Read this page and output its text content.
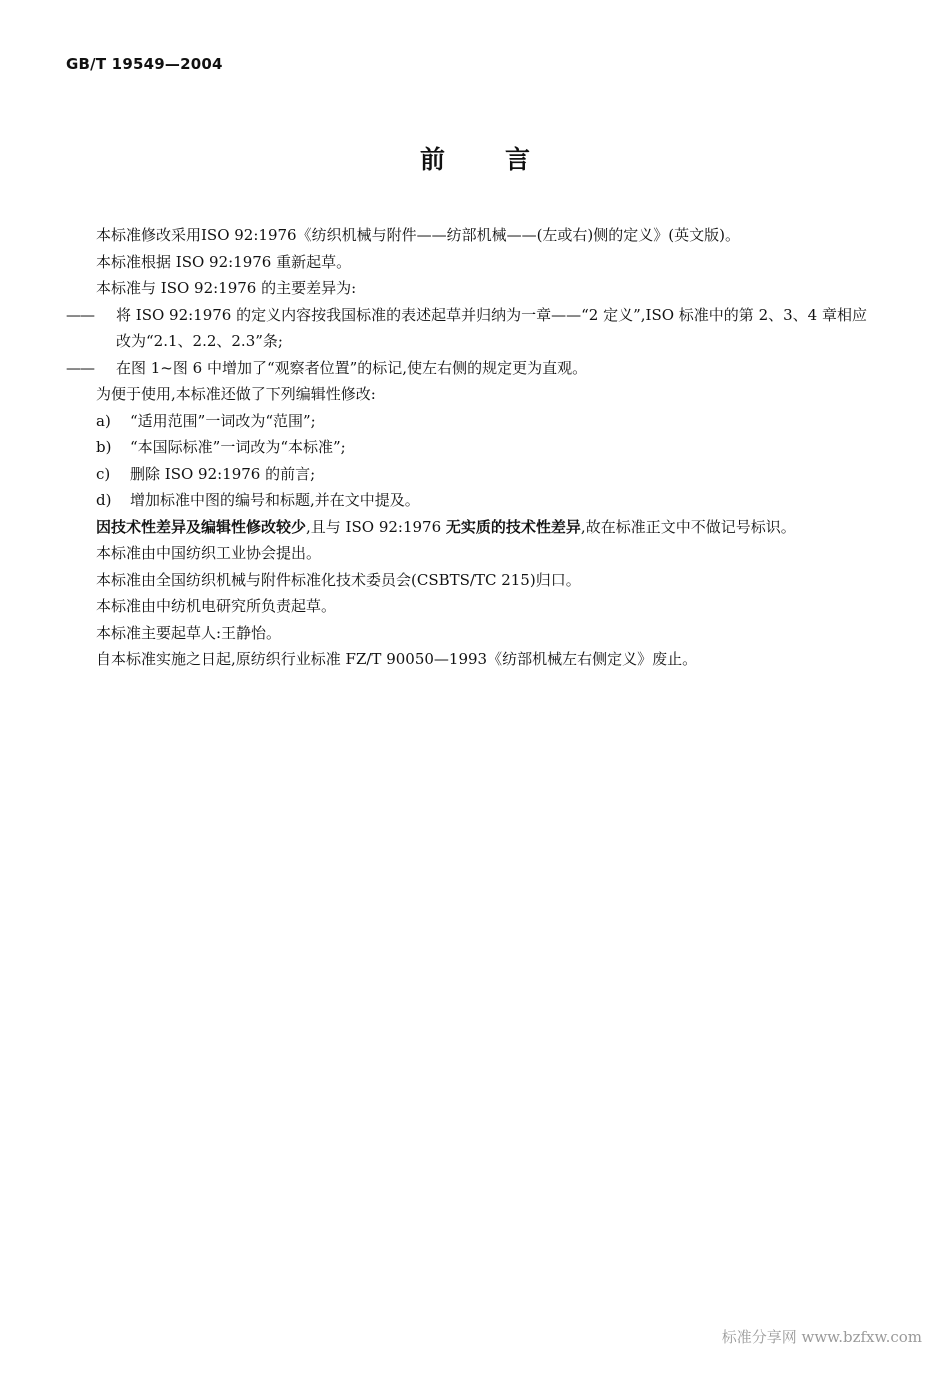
GB/T 19549—2004
前言

本标准修改采用ISO 92:1976《纺织机械与附件——纺部机械——(左或右)侧的定义》(英文版)。

本标准根据 ISO 92:1976 重新起草。

本标准与 ISO 92:1976 的主要差异为:

—— 将 ISO 92:1976 的定义内容按我国标准的表述起草并归纳为一章——“2 定义”,ISO 标准中的第 2、3、4 章相应改为“2.1、2.2、2.3”条;

—— 在图 1~图 6 中增加了“观察者位置”的标记,使左右侧的规定更为直观。

为便于使用,本标准还做了下列编辑性修改:

a) “适用范围”一词改为“范围”;

b) “本国际标准”一词改为“本标准”;

c) 删除 ISO 92:1976 的前言;

d) 增加标准中图的编号和标题,并在文中提及。

因技术性差异及编辑性修改较少,且与 ISO 92:1976 无实质的技术性差异,故在标准正文中不做记号标识。

本标准由中国纺织工业协会提出。

本标准由全国纺织机械与附件标准化技术委员会(CSBTS/TC 215)归口。

本标准由中纺机电研究所负责起草。

本标准主要起草人:王静怡。

自本标准实施之日起,原纺织行业标准 FZ/T 90050—1993《纺部机械左右侧定义》废止。

标准分享网 www.bzfxw.com
